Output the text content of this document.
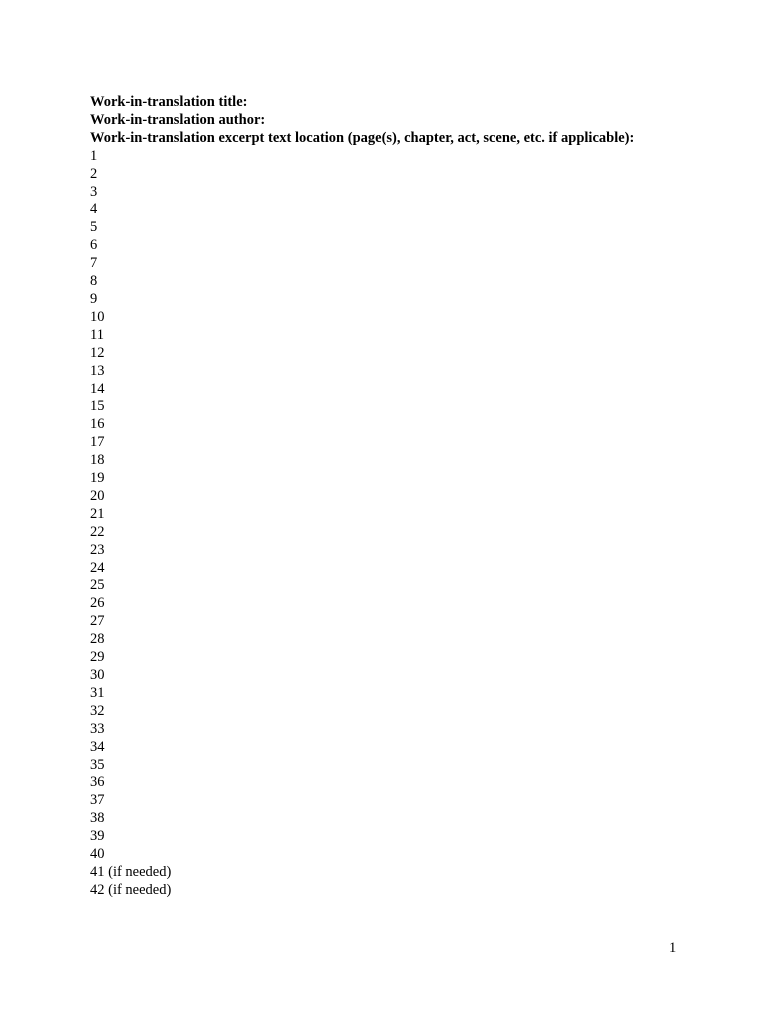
Work-in-translation title:

Work-in-translation author:

Work-in-translation excerpt text location (page(s), chapter, act, scene, etc. if applicable):

1
2
3
4
5
6
7
8
9
10
11
12
13
14
15
16
17
18
19
20
21
22
23
24
25
26
27
28
29
30
31
32
33
34
35
36
37
38
39
40
41 (if needed)
42 (if needed)
1
